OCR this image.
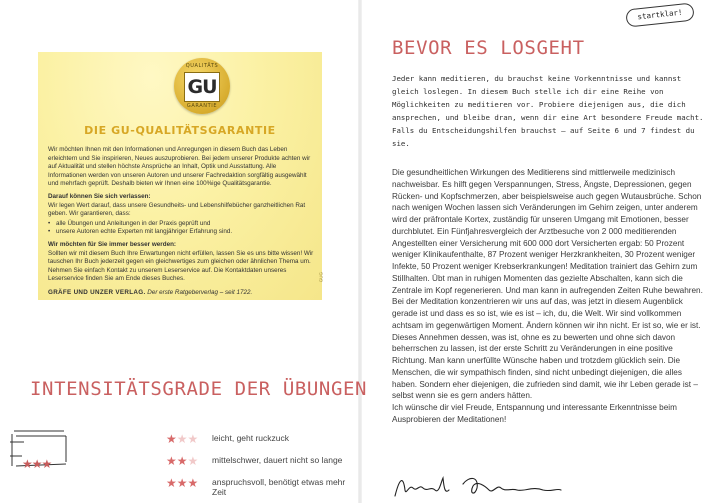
QUALITÄTS
GU
GARANTIE
DIE GU-QUALITÄTSGARANTIE

Wir möchten Ihnen mit den Informationen und Anregungen in diesem Buch das Leben erleichtern und Sie inspirieren, Neues auszuprobieren. Bei jedem unserer Produkte achten wir auf Aktualität und stellen höchste Ansprüche an Inhalt, Optik und Ausstattung. Alle Informationen werden von unseren Autoren und unserer Fachredaktion sorgfältig ausgewählt und mehrfach geprüft. Deshalb bieten wir Ihnen eine 100%ige Qualitätsgarantie.

Darauf können Sie sich verlassen:
Wir legen Wert darauf, dass unsere Gesundheits- und Lebenshilfebücher ganzheitlichen Rat geben. Wir garantieren, dass:

• alle Übungen und Anleitungen in der Praxis geprüft und
• unsere Autoren echte Experten mit langjähriger Erfahrung sind.

Wir möchten für Sie immer besser werden:
Sollten wir mit diesem Buch Ihre Erwartungen nicht erfüllen, lassen Sie es uns bitte wissen! Wir tauschen Ihr Buch jederzeit gegen ein gleichwertiges zum gleichen oder ähnlichen Thema um. Nehmen Sie einfach Kontakt zu unserem Leserservice auf. Die Kontaktdaten unseres Leserservice finden Sie am Ende dieses Buches.

GRÄFE UND UNZER VERLAG. Der erste Ratgeberverlag – seit 1722.
GUG
INTENSITÄTSGRADE DER ÜBUNGEN
★★★
★★★	leicht, geht ruckzuck
★★★	mittelschwer, dauert nicht so lange
★★★	anspruchsvoll, benötigt etwas mehr Zeit
startklar!
BEVOR ES LOSGEHT
Jeder kann meditieren, du brauchst keine Vorkenntnisse und kannst gleich loslegen. In diesem Buch stelle ich dir eine Reihe von Möglichkeiten zu meditieren vor. Probiere diejenigen aus, die dich ansprechen, und bleibe dran, wenn dir eine Art besondere Freude macht. Falls du Entscheidungshilfen brauchst – auf Seite 6 und 7 findest du sie.

Die gesundheitlichen Wirkungen des Meditierens sind mittlerweile medizinisch nachweisbar. Es hilft gegen Verspannungen, Stress, Ängste, Depressionen, gegen Rücken- und Kopfschmerzen, aber beispielsweise auch gegen Wutausbrüche. Schon nach wenigen Wochen lassen sich Veränderungen im Gehirn zeigen, unter anderem wird der präfrontale Kortex, zuständig für unseren Umgang mit Emotionen, besser durchblutet. Ein Fünfjahresvergleich der Arztbesuche von 2 000 meditierenden Angestellten einer Versicherung mit 600 000 dort Versicherten ergab: 50 Prozent weniger Klinikaufenthalte, 87 Prozent weniger Herzkrankheiten, 30 Prozent weniger Infekte, 50 Prozent weniger Krebserkrankungen! Meditation trainiert das Gehirn zum Stillhalten. Übt man in ruhigen Momenten das gezielte Abschalten, kann sich die Zentrale im Kopf regenerieren. Und man kann in aufregenden Zeiten Ruhe bewahren.

Bei der Meditation konzentrieren wir uns auf das, was jetzt in diesem Augenblick gerade ist und dass es so ist, wie es ist – ich, du, die Welt. Wir sind vollkommen achtsam im gegenwärtigen Moment. Ändern können wir ihn nicht. Er ist so, wie er ist. Dieses Annehmen dessen, was ist, ohne es zu bewerten und ohne sich davon beherrschen zu lassen, ist der erste Schritt zu Veränderungen in eine positive Richtung. Man kann unerfüllte Wünsche haben und trotzdem glücklich sein. Die Menschen, die wir sympathisch finden, sind nicht unbedingt diejenigen, die alles haben. Sondern eher diejenigen, die zufrieden sind damit, wie ihr Leben gerade ist – selbst wenn sie es gern anders hätten.

Ich wünsche dir viel Freude, Entspannung und interessante Erkenntnisse beim Ausprobieren der Meditationen!
